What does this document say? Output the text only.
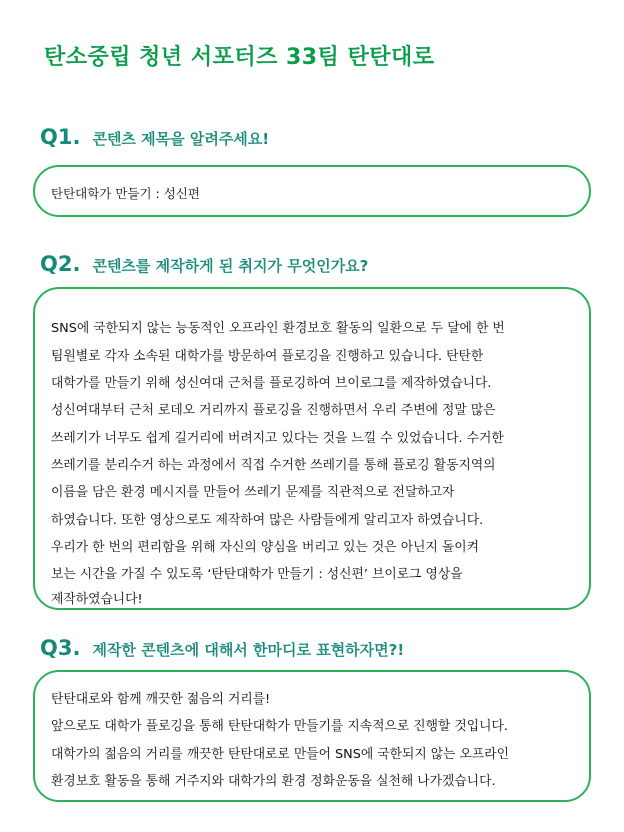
탄소중립 청년 서포터즈 33팀 탄탄대로
Q1. 콘텐츠 제목을 알려주세요!
탄탄대학가 만들기 : 성신편
Q2. 콘텐츠를 제작하게 된 취지가 무엇인가요?
SNS에 국한되지 않는 능동적인 오프라인 환경보호 활동의 일환으로 두 달에 한 번
팀원별로 각자 소속된 대학가를 방문하여 플로깅을 진행하고 있습니다. 탄탄한
대학가를 만들기 위해 성신여대 근처를 플로깅하여 브이로그를 제작하였습니다.
성신여대부터 근처 로데오 거리까지 플로깅을 진행하면서 우리 주변에 정말 많은
쓰레기가 너무도 쉽게 길거리에 버려지고 있다는 것을 느낄 수 있었습니다. 수거한
쓰레기를 분리수거 하는 과정에서 직접 수거한 쓰레기를 통해 플로깅 활동지역의
이름을 담은 환경 메시지를 만들어 쓰레기 문제를 직관적으로 전달하고자
하였습니다. 또한 영상으로도 제작하여 많은 사람들에게 알리고자 하였습니다.
우리가 한 번의 편리함을 위해 자신의 양심을 버리고 있는 것은 아닌지 돌이켜
보는 시간을 가질 수 있도록 ‘탄탄대학가 만들기 : 성신편’ 브이로그 영상을
제작하였습니다!
Q3. 제작한 콘텐츠에 대해서 한마디로 표현하자면?!
탄탄대로와 함께 깨끗한 젊음의 거리를!
앞으로도 대학가 플로깅을 통해 탄탄대학가 만들기를 지속적으로 진행할 것입니다.
대학가의 젊음의 거리를 깨끗한 탄탄대로로 만들어 SNS에 국한되지 않는 오프라인
환경보호 활동을 통해 거주지와 대학가의 환경 정화운동을 실천해 나가겠습니다.
